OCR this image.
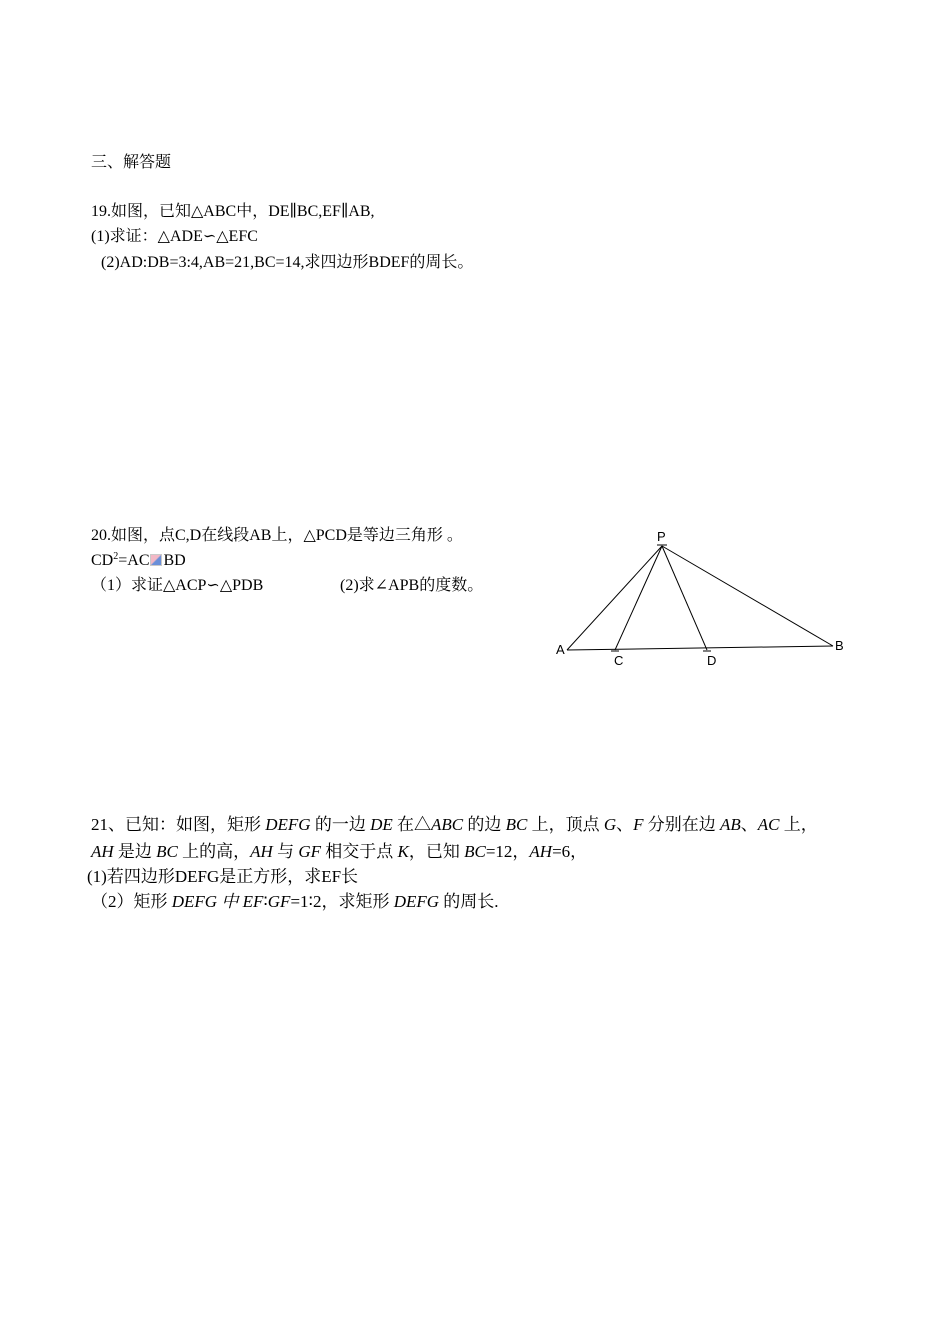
三、解答题
19.如图，已知△ABC中，DE∥BC,EF∥AB,
(1)求证：△ADE∽△EFC
(2)AD:DB=3:4,AB=21,BC=14,求四边形BDEF的周长。
20.如图，点C,D在线段AB上，△PCD是等边三角形 。
$CD^2=AC$ BD
（1）求证△ACP∽△PDB	(2)求∠APB的度数。
P
A
C	D
B
21、已知：如图，矩形 DEFG 的一边 DE 在△ABC 的边 BC 上，顶点 G、F 分别在边 AB、AC 上，
AH 是边 BC 上的高，AH 与 GF 相交于点 K，已知 BC=12，AH=6，
(1)若四边形DEFG是正方形，求EF长
（2）矩形 DEFG 中 EF∶GF=1∶2，求矩形 DEFG 的周长.
